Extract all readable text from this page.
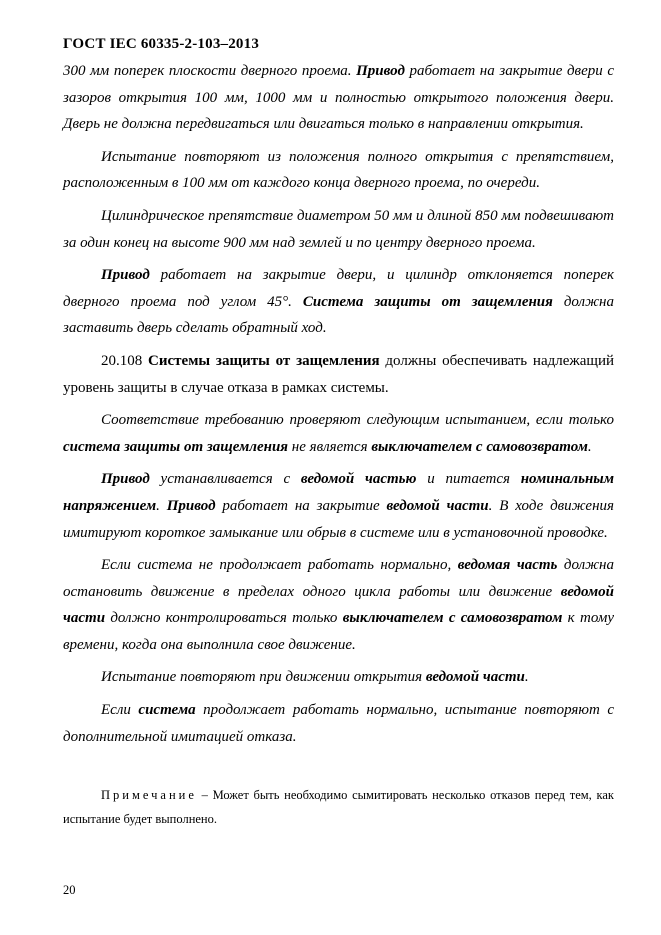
ГОСТ IEC 60335-2-103–2013

300 мм поперек плоскости дверного проема. Привод работает на закрытие двери с зазоров открытия 100 мм, 1000 мм и полностью открытого положения двери. Дверь не должна передвигаться или двигаться только в направлении открытия.

Испытание повторяют из положения полного открытия с препятствием, расположенным в 100 мм от каждого конца дверного проема, по очереди.

Цилиндрическое препятствие диаметром 50 мм и длиной 850 мм подвешивают за один конец на высоте 900 мм над землей и по центру дверного проема.

Привод работает на закрытие двери, и цилиндр отклоняется поперек дверного проема под углом 45°. Система защиты от защемления должна заставить дверь сделать обратный ход.

20.108 Системы защиты от защемления должны обеспечивать надлежащий уровень защиты в случае отказа в рамках системы.

Соответствие требованию проверяют следующим испытанием, если только система защиты от защемления не является выключателем с самовозвратом.

Привод устанавливается с ведомой частью и питается номинальным напряжением. Привод работает на закрытие ведомой части. В ходе движения имитируют короткое замыкание или обрыв в системе или в установочной проводке.

Если система не продолжает работать нормально, ведомая часть должна остановить движение в пределах одного цикла работы или движение ведомой части должно контролироваться только выключателем с самовозвратом к тому времени, когда она выполнила свое движение.

Испытание повторяют при движении открытия ведомой части.

Если система продолжает работать нормально, испытание повторяют с дополнительной имитацией отказа.

Примечание – Может быть необходимо сымитировать несколько отказов перед тем, как испытание будет выполнено.
20
